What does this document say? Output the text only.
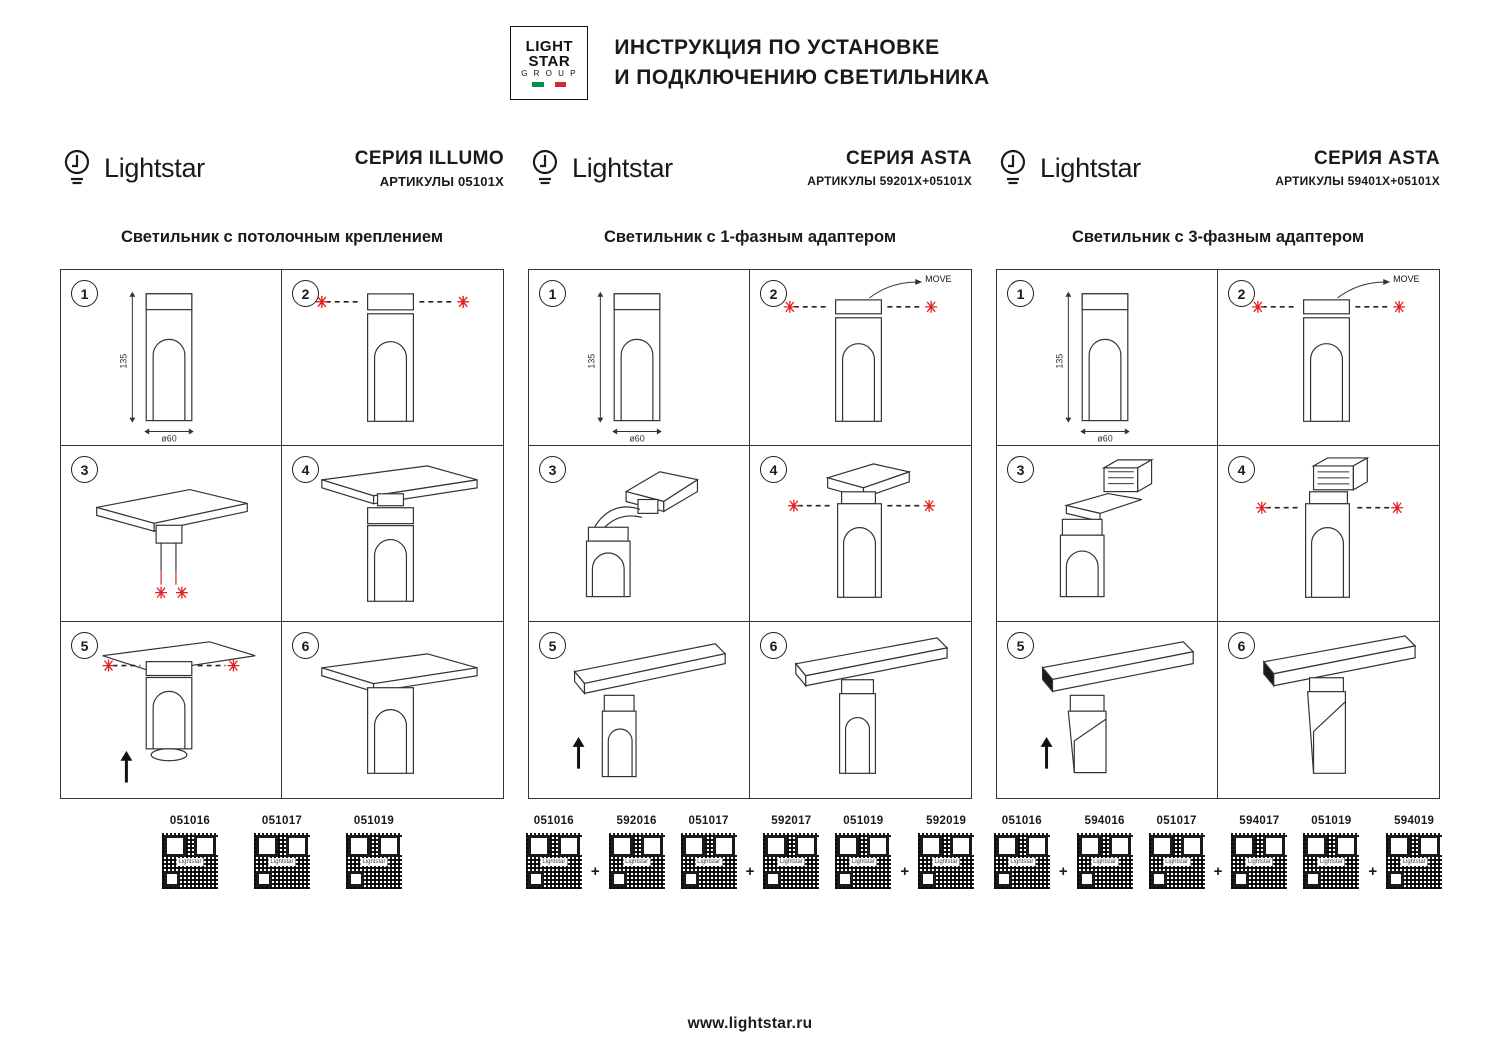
LIGHT
STAR
G R O U P
ИНСТРУКЦИЯ ПО УСТАНОВКЕ
И ПОДКЛЮЧЕНИЮ СВЕТИЛЬНИКА
Lightstar	СЕРИЯ ILLUMO
АРТИКУЛЫ 05101Х
Светильник с потолочным креплением
1
135
ø60
2
3	4
5	6
051016
Lightstar
051017
Lightstar
051019
Lightstar
Lightstar	СЕРИЯ ASTA
АРТИКУЛЫ 59201Х+05101Х
Светильник с 1-фазным адаптером
1
135
ø60
2
MOVE
3	4
5	6
051016
Lightstar
+
592016
Lightstar
051017
Lightstar
+
592017
Lightstar
051019
Lightstar
+
592019
Lightstar
Lightstar	СЕРИЯ ASTA
АРТИКУЛЫ 59401Х+05101Х
Светильник с 3-фазным адаптером
1
135
ø60
2
MOVE
3	4
5	6
051016
Lightstar
+
594016
Lightstar
051017
Lightstar
+
594017
Lightstar
051019
Lightstar
+
594019
Lightstar
www.lightstar.ru
